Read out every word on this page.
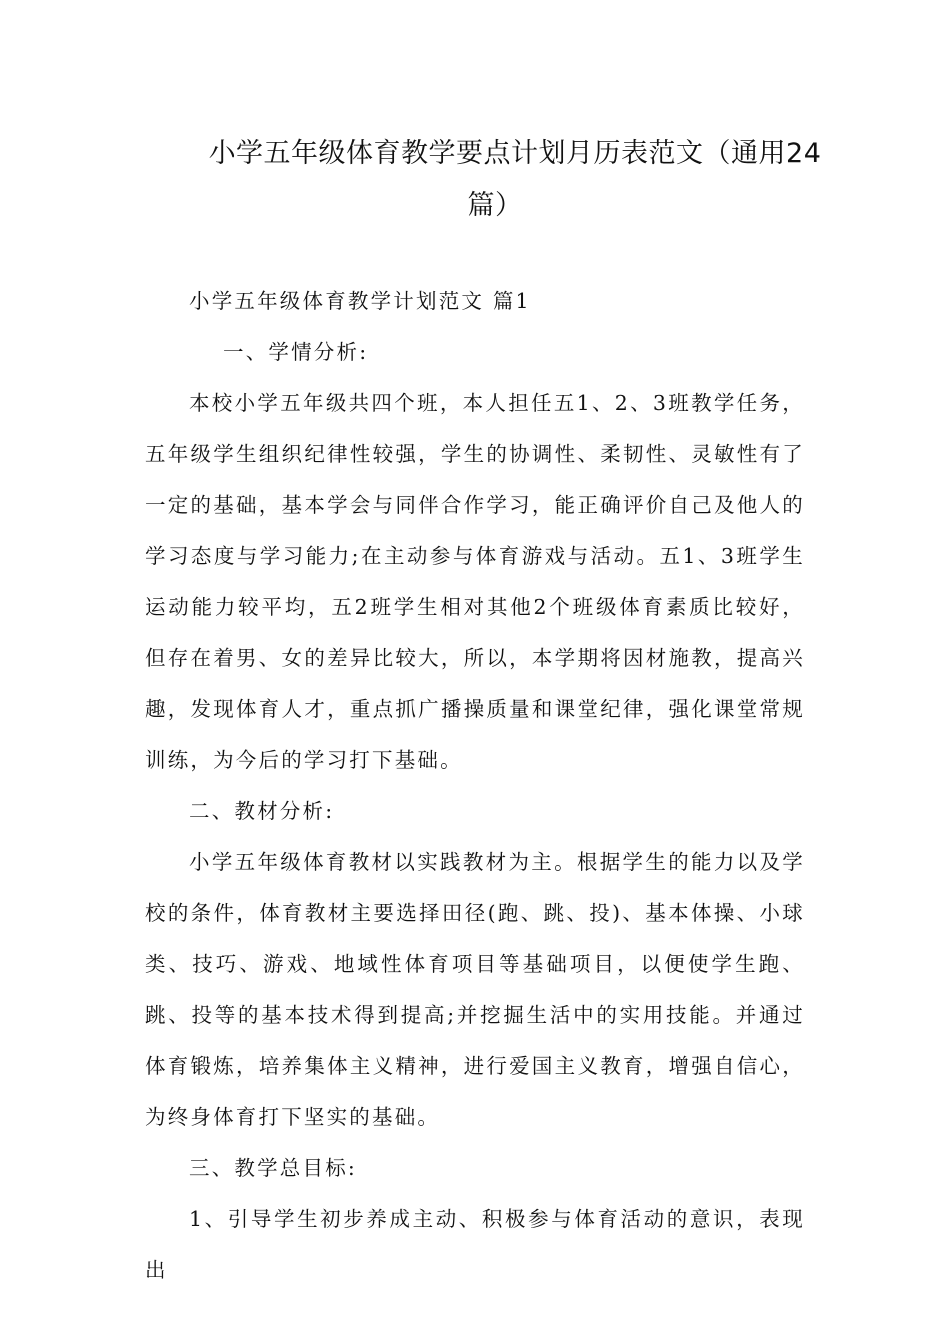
小学五年级体育教学要点计划月历表范文（通用24
篇）

小学五年级体育教学计划范文 篇1

一、学情分析:

本校小学五年级共四个班，本人担任五1、2、3班教学任务，五年级学生组织纪律性较强，学生的协调性、柔韧性、灵敏性有了一定的基础，基本学会与同伴合作学习，能正确评价自己及他人的学习态度与学习能力;在主动参与体育游戏与活动。五1、3班学生运动能力较平均，五2班学生相对其他2个班级体育素质比较好，但存在着男、女的差异比较大，所以，本学期将因材施教，提高兴趣，发现体育人才，重点抓广播操质量和课堂纪律，强化课堂常规训练，为今后的学习打下基础。

二、教材分析:

小学五年级体育教材以实践教材为主。根据学生的能力以及学校的条件，体育教材主要选择田径(跑、跳、投)、基本体操、小球类、技巧、游戏、地域性体育项目等基础项目，以便使学生跑、跳、投等的基本技术得到提高;并挖掘生活中的实用技能。并通过体育锻炼，培养集体主义精神，进行爱国主义教育，增强自信心，为终身体育打下坚实的基础。

三、教学总目标:

1、引导学生初步养成主动、积极参与体育活动的意识，表现出
